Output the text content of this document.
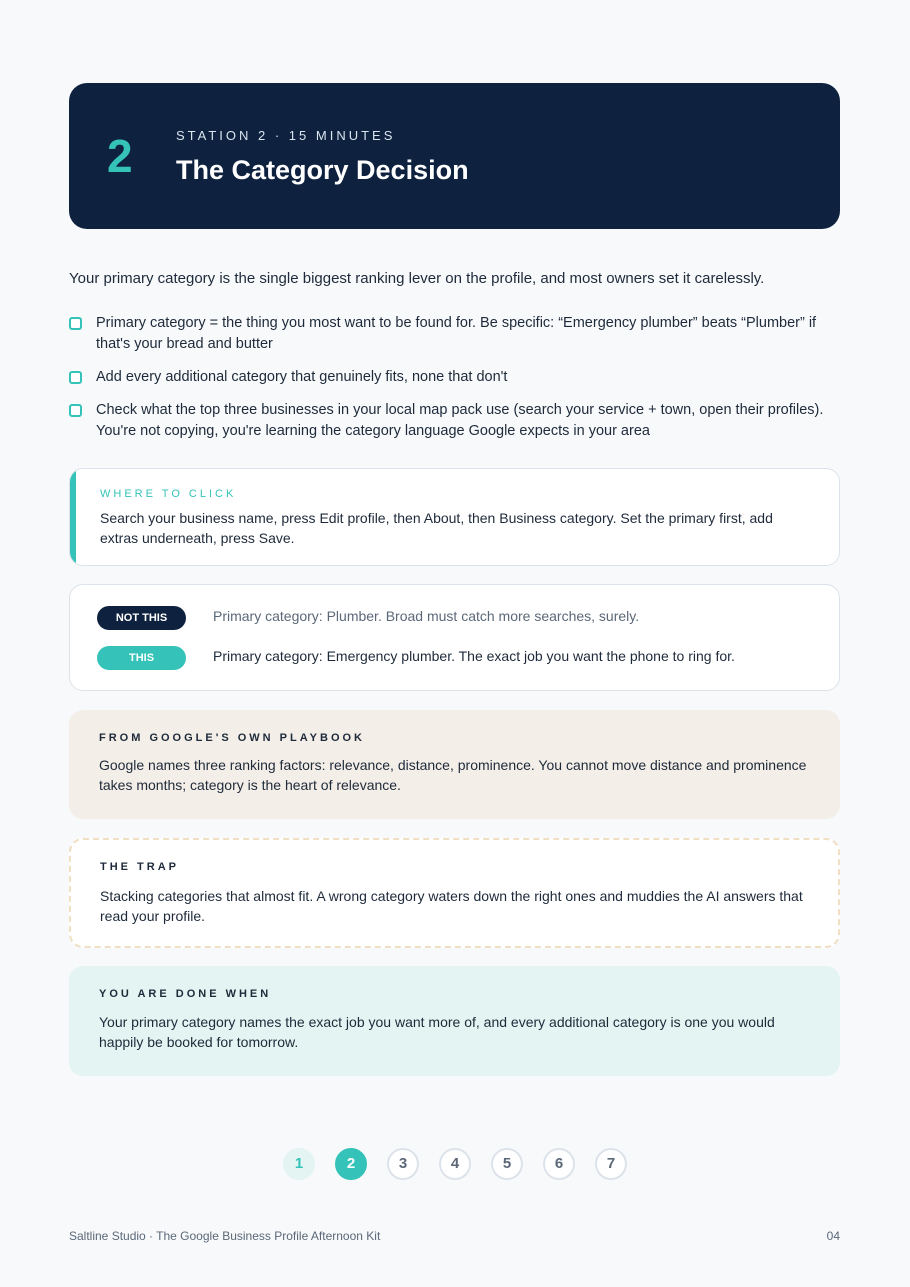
2	STATION 2 · 15 MINUTES
The Category Decision

Your primary category is the single biggest ranking lever on the profile, and most owners set it carelessly.

Primary category = the thing you most want to be found for. Be specific: “Emergency plumber” beats “Plumber” if that's your bread and butter
Add every additional category that genuinely fits, none that don't
Check what the top three businesses in your local map pack use (search your service + town, open their profiles). You're not copying, you're learning the category language Google expects in your area
WHERE TO CLICK
Search your business name, press Edit profile, then About, then Business category. Set the primary first, add extras underneath, press Save.
NOT THIS	Primary category: Plumber. Broad must catch more searches, surely.
THIS	Primary category: Emergency plumber. The exact job you want the phone to ring for.
FROM GOOGLE'S OWN PLAYBOOK
Google names three ranking factors: relevance, distance, prominence. You cannot move distance and prominence takes months; category is the heart of relevance.
THE TRAP
Stacking categories that almost fit. A wrong category waters down the right ones and muddies the AI answers that read your profile.
YOU ARE DONE WHEN
Your primary category names the exact job you want more of, and every additional category is one you would happily be booked for tomorrow.
1	2	3	4	5	6	7
Saltline Studio · The Google Business Profile Afternoon Kit	04
